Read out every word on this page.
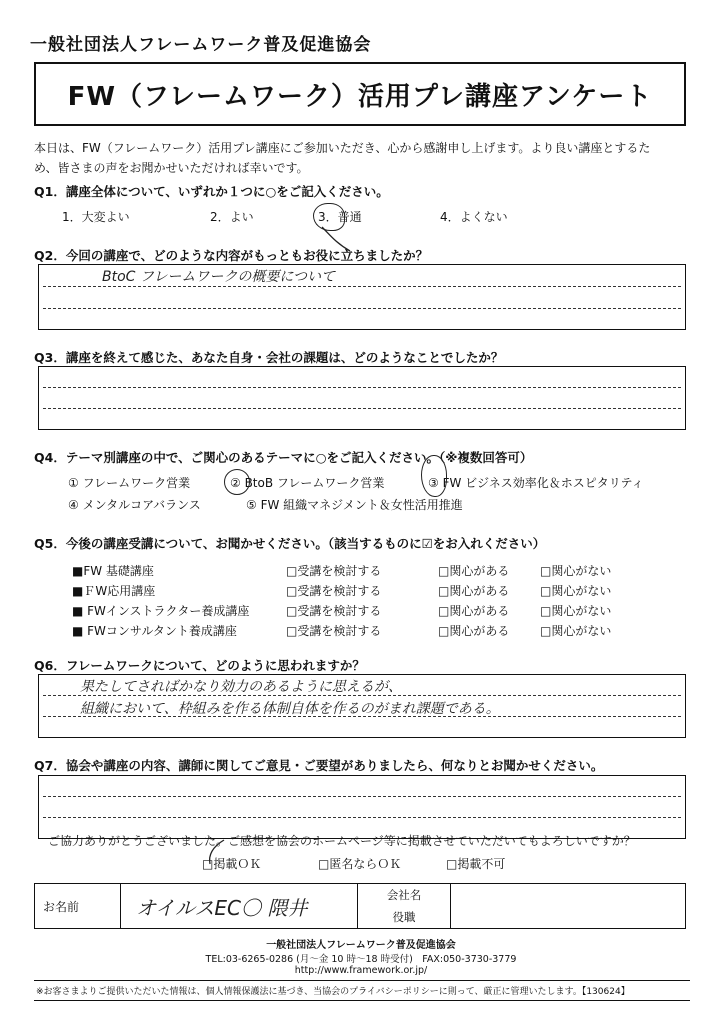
一般社団法人フレームワーク普及促進協会
FW（フレームワーク）活用プレ講座アンケート
本日は、FW（フレームワーク）活用プレ講座にご参加いただき、心から感謝申し上げます。より良い講座とするた
め、皆さまの声をお聞かせいただければ幸いです。
Q1．講座全体について、いずれか１つに○をご記入ください。
1．大変よい	2．よい	3．普通	4．よくない
Q2．今回の講座で、どのような内容がもっともお役に立ちましたか？
BtoC フレームワークの概要について
Q3．講座を終えて感じた、あなた自身・会社の課題は、どのようなことでしたか？
Q4．テーマ別講座の中で、ご関心のあるテーマに○をご記入ください。（※複数回答可）
① フレームワーク営業	② BtoB フレームワーク営業	③ FW ビジネス効率化＆ホスピタリティ
④ メンタルコアバランス	⑤ FW 組織マネジメント＆女性活用推進
Q5．今後の講座受講について、お聞かせください。（該当するものに☑をお入れください）
■FW 基礎講座	□受講を検討する	□関心がある	□関心がない
■ＦW応用講座	□受講を検討する	□関心がある	□関心がない
■ FWインストラクター養成講座	□受講を検討する	□関心がある	□関心がない
■ FWコンサルタント養成講座	□受講を検討する	□関心がある	□関心がない
Q6．フレームワークについて、どのように思われますか？
果たしてさればかなり効力のあるように思えるが、
組織において、枠組みを作る体制自体を作るのがまれ課題である。
Q7．協会や講座の内容、講師に関してご意見・ご要望がありましたら、何なりとお聞かせください。
ご協力ありがとうございました。ご感想を協会のホームページ等に掲載させていただいてもよろしいですか？
□掲載ＯＫ	□匿名ならＯＫ	□掲載不可
お名前	オイルスEC〇 隈井	会社名	
役職
一般社団法人フレームワーク普及促進協会
TEL:03-6265-0286 (月～金 10 時～18 時受付)　FAX:050-3730-3779
http://www.framework.or.jp/
※お客さまよりご提供いただいた情報は、個人情報保護法に基づき、当協会のプライバシーポリシーに則って、厳正に管理いたします。【130624】
